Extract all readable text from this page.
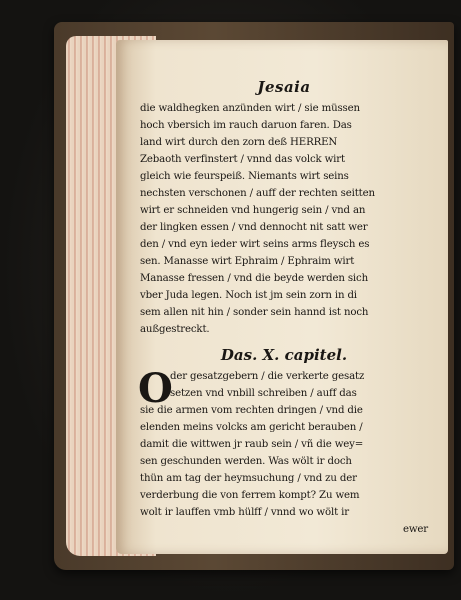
Jesaia
die waldhegken anzünden wirt / sie müssen
hoch vbersich im rauch daruon faren. Das
land wirt durch den zorn deß HERREN
Zebaoth verfinstert / vnnd das volck wirt
gleich wie feurspeiß. Niemants wirt seins
nechsten verschonen / auff der rechten seitten
wirt er schneiden vnd hungerig sein / vnd an
der lingken essen / vnd dennocht nit satt wer
den / vnd eyn ieder wirt seins arms fleysch es
sen. Manasse wirt Ephraim / Ephraim wirt
Manasse fressen / vnd die beyde werden sich
vber Juda legen. Noch ist jm sein zorn in di
sem allen nit hin / sonder sein hannd ist noch
außgestreckt.
Das. X. capitel.
O
der gesatzgebern / die verkerte gesatz
setzen vnd vnbill schreiben / auff das
sie die armen vom rechten dringen / vnd die
elenden meins volcks am gericht berauben /
damit die wittwen jr raub sein / vñ die wey=
sen geschunden werden. Was wölt ir doch
thün am tag der heymsuchung / vnd zu der
verderbung die von ferrem kompt? Zu wem
wolt ir lauffen vmb hülff / vnnd wo wölt ir
ewer
